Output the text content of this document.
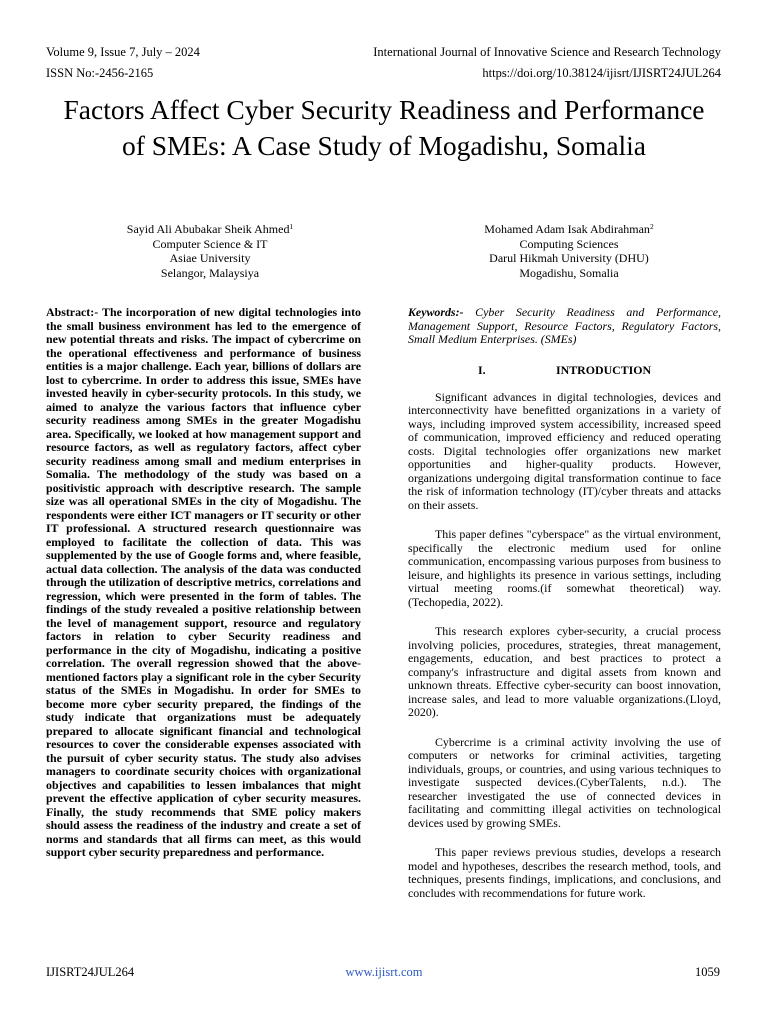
Volume 9, Issue 7, July – 2024	International Journal of Innovative Science and Research Technology
ISSN No:-2456-2165	https://doi.org/10.38124/ijisrt/IJISRT24JUL264
Factors Affect Cyber Security Readiness and Performance of SMEs: A Case Study of Mogadishu, Somalia
Sayid Ali Abubakar Sheik Ahmed$^1$
Computer Science & IT
Asiae University
Selangor, Malaysiya
Mohamed Adam Isak Abdirahman$^2$
Computing Sciences
Darul Hikmah University (DHU)
Mogadishu, Somalia

Abstract:- The incorporation of new digital technologies into the small business environment has led to the emergence of new potential threats and risks. The impact of cybercrime on the operational effectiveness and performance of business entities is a major challenge. Each year, billions of dollars are lost to cybercrime. In order to address this issue, SMEs have invested heavily in cyber-security protocols. In this study, we aimed to analyze the various factors that influence cyber security readiness among SMEs in the greater Mogadishu area. Specifically, we looked at how management support and resource factors, as well as regulatory factors, affect cyber security readiness among small and medium enterprises in Somalia. The methodology of the study was based on a positivistic approach with descriptive research. The sample size was all operational SMEs in the city of Mogadishu. The respondents were either ICT managers or IT security or other IT professional. A structured research questionnaire was employed to facilitate the collection of data. This was supplemented by the use of Google forms and, where feasible, actual data collection. The analysis of the data was conducted through the utilization of descriptive metrics, correlations and regression, which were presented in the form of tables. The findings of the study revealed a positive relationship between the level of management support, resource and regulatory factors in relation to cyber Security readiness and performance in the city of Mogadishu, indicating a positive correlation. The overall regression showed that the above-mentioned factors play a significant role in the cyber Security status of the SMEs in Mogadishu. In order for SMEs to become more cyber security prepared, the findings of the study indicate that organizations must be adequately prepared to allocate significant financial and technological resources to cover the considerable expenses associated with the pursuit of cyber security status. The study also advises managers to coordinate security choices with organizational objectives and capabilities to lessen imbalances that might prevent the effective application of cyber security measures. Finally, the study recommends that SME policy makers should assess the readiness of the industry and create a set of norms and standards that all firms can meet, as this would support cyber security preparedness and performance.

Keywords:- Cyber Security Readiness and Performance, Management Support, Resource Factors, Regulatory Factors, Small Medium Enterprises. (SMEs)

I.	INTRODUCTION

Significant advances in digital technologies, devices and interconnectivity have benefitted organizations in a variety of ways, including improved system accessibility, increased speed of communication, improved efficiency and reduced operating costs. Digital technologies offer organizations new market opportunities and higher-quality products. However, organizations undergoing digital transformation continue to face the risk of information technology (IT)/cyber threats and attacks on their assets.

This paper defines "cyberspace" as the virtual environment, specifically the electronic medium used for online communication, encompassing various purposes from business to leisure, and highlights its presence in various settings, including virtual meeting rooms.(if somewhat theoretical) way. (Techopedia, 2022).

This research explores cyber-security, a crucial process involving policies, procedures, strategies, threat management, engagements, education, and best practices to protect a company's infrastructure and digital assets from known and unknown threats. Effective cyber-security can boost innovation, increase sales, and lead to more valuable organizations.(Lloyd, 2020).

Cybercrime is a criminal activity involving the use of computers or networks for criminal activities, targeting individuals, groups, or countries, and using various techniques to investigate suspected devices.(CyberTalents, n.d.). The researcher investigated the use of connected devices in facilitating and committing illegal activities on technological devices used by growing SMEs.

This paper reviews previous studies, develops a research model and hypotheses, describes the research method, tools, and techniques, presents findings, implications, and conclusions, and concludes with recommendations for future work.

IJISRT24JUL264	www.ijisrt.com	1059
